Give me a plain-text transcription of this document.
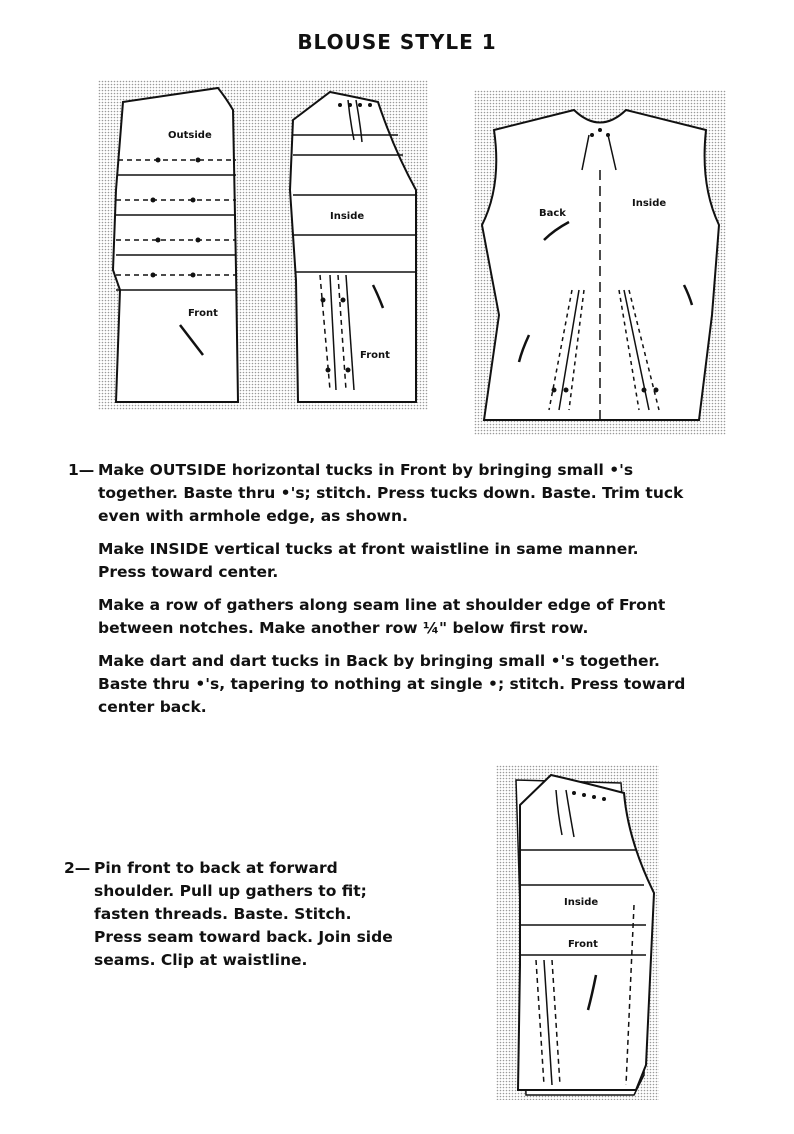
BLOUSE STYLE 1
Outside
Front
Inside
Front
Back
Inside
1— Make OUTSIDE horizontal tucks in Front by bringing small •'s together. Baste thru •'s; stitch. Press tucks down. Baste. Trim tuck even with armhole edge, as shown.

Make INSIDE vertical tucks at front waistline in same manner. Press toward center.

Make a row of gathers along seam line at shoulder edge of Front between notches. Make another row ¼" below first row.

Make dart and dart tucks in Back by bringing small •'s together. Baste thru •'s, tapering to nothing at single •; stitch. Press toward center back.

2— Pin front to back at forward shoulder. Pull up gathers to fit; fasten threads. Baste. Stitch. Press seam toward back. Join side seams. Clip at waistline.

Inside
Front
